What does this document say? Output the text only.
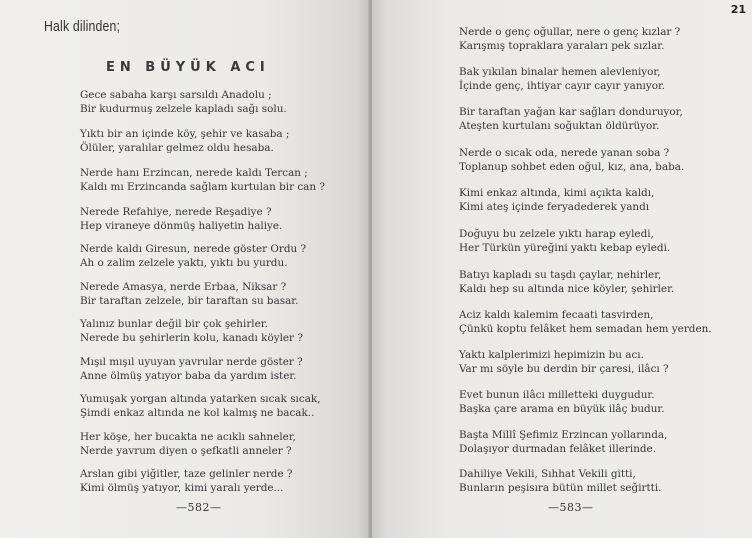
Halk dilinden;
EN BÜYÜK ACI
Gece sabaha karşı sarsıldı Anadolu ;
Bir kudurmuş zelzele kapladı sağı solu.
Yıktı bir an içinde köy, şehir ve kasaba ;
Ölüler, yaralılar gelmez oldu hesaba.
Nerde hanı Erzincan, nerede kaldı Tercan ;
Kaldı mı Erzincanda sağlam kurtulan bir can ?
Nerede Refahiye, nerede Reşadiye ?
Hep viraneye dönmüş haliyetin haliye.
Nerde kaldı Giresun, nerede göster Ordu ?
Ah o zalim zelzele yaktı, yıktı bu yurdu.
Nerede Amasya, nerde Erbaa, Niksar ?
Bir taraftan zelzele, bir taraftan su basar.
Yalınız bunlar değil bir çok şehirler.
Nerede bu şehirlerin kolu, kanadı köyler ?
Mışıl mışıl uyuyan yavrular nerde göster ?
Anne ölmüş yatıyor baba da yardım ister.
Yumuşak yorgan altında yatarken sıcak sıcak,
Şimdi enkaz altında ne kol kalmış ne bacak..
Her köşe, her bucakta ne acıklı sahneler,
Nerde yavrum diyen o şefkatli anneler ?
Arslan gibi yiğitler, taze gelinler nerde ?
Kimi ölmüş yatıyor, kimi yaralı yerde...
—582—
21
Nerde o genç oğullar, nere o genç kızlar ?
Karışmış topraklara yaraları pek sızlar.
Bak yıkılan binalar hemen alevleniyor,
İçinde genç, ihtiyar cayır cayır yanıyor.
Bir taraftan yağan kar sağları donduruyor,
Ateşten kurtulanı soğuktan öldürüyor.
Nerde o sıcak oda, nerede yanan soba ?
Toplanup sohbet eden oğul, kız, ana, baba.
Kimi enkaz altında, kimi açıkta kaldı,
Kimi ateş içinde feryadederek yandı
Doğuyu bu zelzele yıktı harap eyledi,
Her Türkün yüreğini yaktı kebap eyledi.
Batıyı kapladı su taşdı çaylar, nehirler,
Kaldı hep su altında nice köyler, şehirler.
Aciz kaldı kalemim fecaati tasvirden,
Çünkü koptu felâket hem semadan hem yerden.
Yaktı kalplerimizi hepimizin bu acı.
Var mı söyle bu derdin bir çaresi, ilâcı ?
Evet bunun ilâcı milletteki duygudur.
Başka çare arama en büyük ilâç budur.
Başta Millî Şefimiz Erzincan yollarında,
Dolaşıyor durmadan felâket illerinde.
Dahiliye Vekili, Sıhhat Vekili gitti,
Bunların peşisıra bütün millet seğirtti.
—583—
